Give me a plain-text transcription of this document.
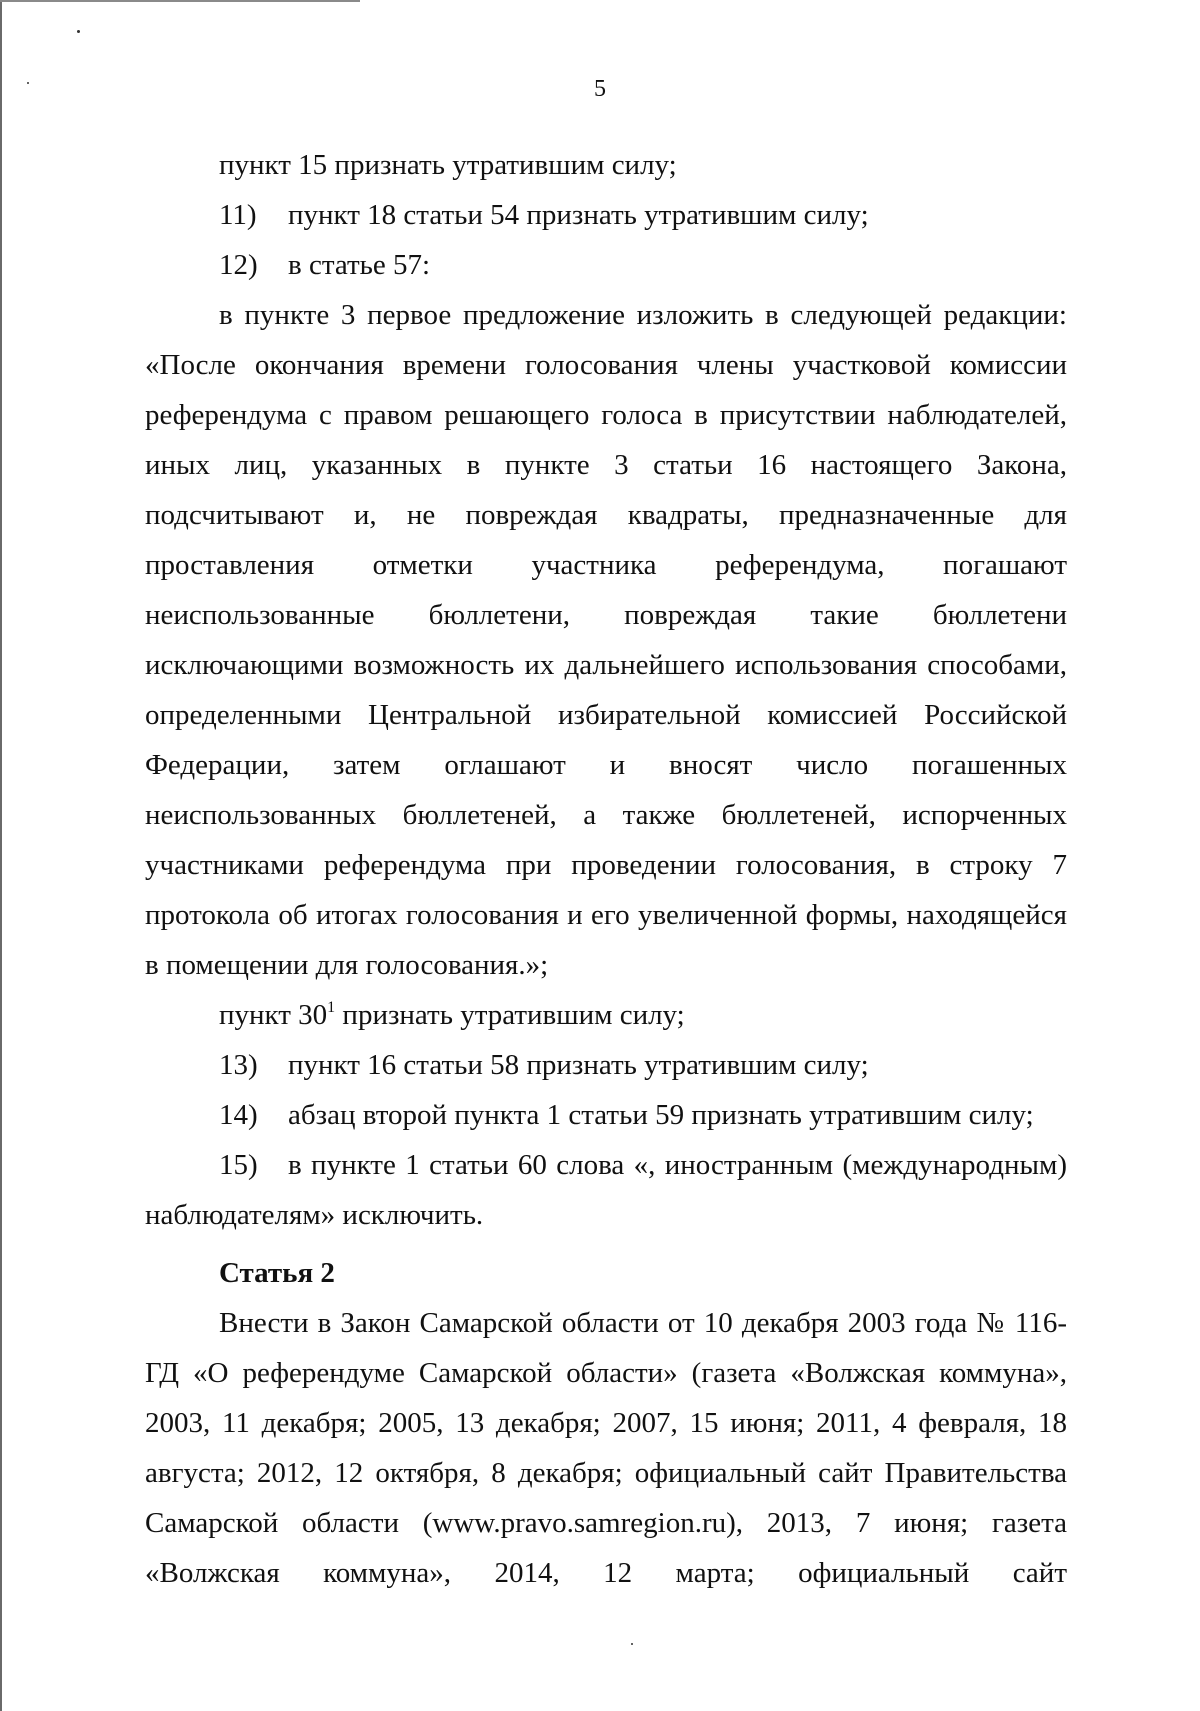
5

пункт 15 признать утратившим силу;

11)	пункт 18 статьи 54 признать утратившим силу;
12)	в статье 57:

в пункте 3 первое предложение изложить в следующей редакции: «После окончания времени голосования члены участковой комиссии референдума с правом решающего голоса в присутствии наблюдателей, иных лиц, указанных в пункте 3 статьи 16 настоящего Закона, подсчитывают и, не повреждая квадраты, предназначенные для проставления отметки участника референдума, погашают неиспользованные бюллетени, повреждая такие бюллетени исключающими возможность их дальнейшего использования способами, определенными Центральной избирательной комиссией Российской Федерации, затем оглашают и вносят число погашенных неиспользованных бюллетеней, а также бюллетеней, испорченных участниками референдума при проведении голосования, в строку 7 протокола об итогах голосования и его увеличенной формы, находящейся в помещении для голосования.»;

пункт $30^1$ признать утратившим силу;

13)	пункт 16 статьи 58 признать утратившим силу;
14)	абзац второй пункта 1 статьи 59 признать утратившим силу;
15)	в пункте 1 статьи 60 слова «, иностранным (международным)

наблюдателям» исключить.

Статья 2

Внести в Закон Самарской области от 10 декабря 2003 года № 116-ГД «О референдуме Самарской области» (газета «Волжская коммуна», 2003, 11 декабря; 2005, 13 декабря; 2007, 15 июня; 2011, 4 февраля, 18 августа; 2012, 12 октября, 8 декабря; официальный сайт Правительства Самарской области (www.pravo.samregion.ru), 2013, 7 июня; газета «Волжская коммуна», 2014, 12 марта; официальный сайт
